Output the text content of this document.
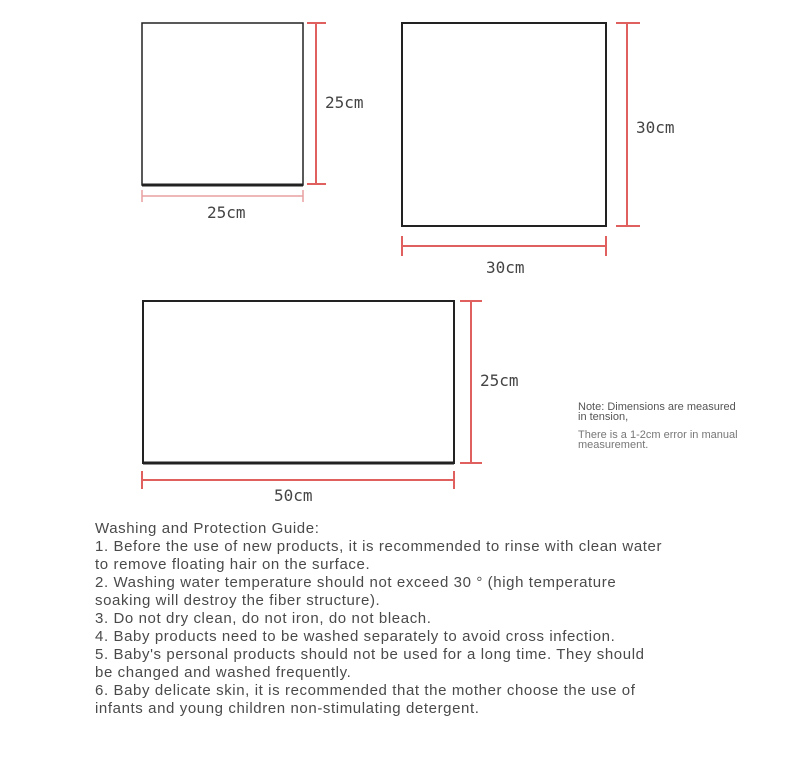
25cm
25cm
30cm
30cm
25cm
50cm
Note: Dimensions are measured
in tension,
There is a 1-2cm error in manual
measurement.
Washing and Protection Guide:
1. Before the use of new products, it is recommended to rinse with clean water
to remove floating hair on the surface.
2. Washing water temperature should not exceed 30 ° (high temperature
soaking will destroy the fiber structure).
3. Do not dry clean, do not iron, do not bleach.
4. Baby products need to be washed separately to avoid cross infection.
5. Baby's personal products should not be used for a long time. They should
be changed and washed frequently.
6. Baby delicate skin, it is recommended that the mother choose the use of
infants and young children non-stimulating detergent.
